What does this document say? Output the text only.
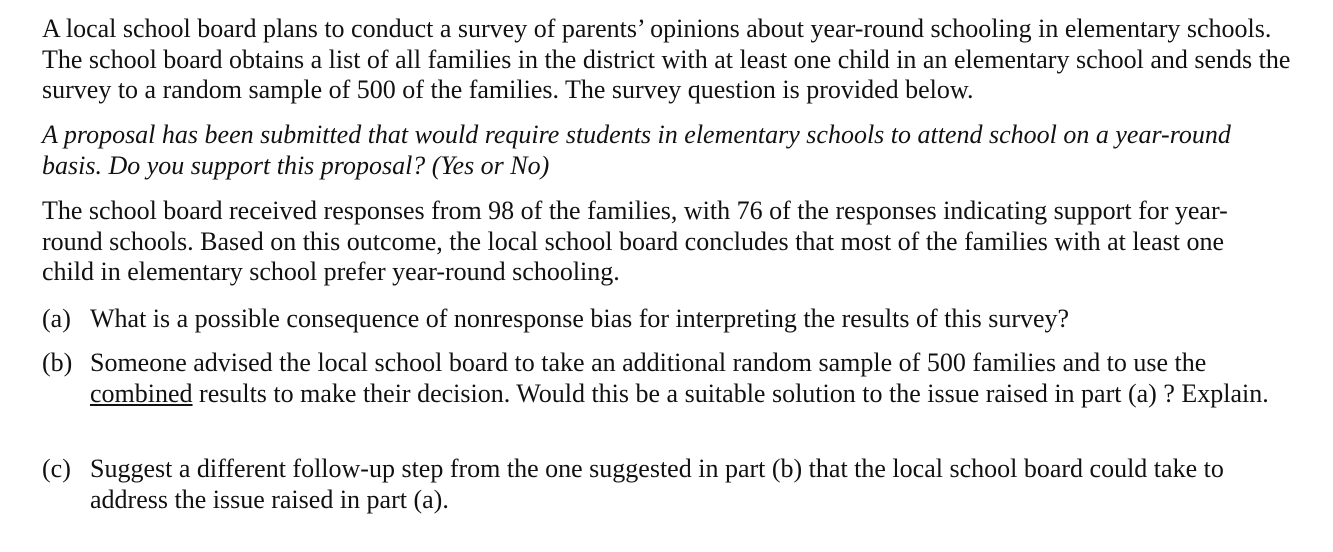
A local school board plans to conduct a survey of parents’ opinions about year-round schooling in elementary schools. The school board obtains a list of all families in the district with at least one child in an elementary school and sends the survey to a random sample of 500 of the families. The survey question is provided below.

A proposal has been submitted that would require students in elementary schools to attend school on a year-round basis. Do you support this proposal? (Yes or No)

The school board received responses from 98 of the families, with 76 of the responses indicating support for year-round schools. Based on this outcome, the local school board concludes that most of the families with at least one child in elementary school prefer year-round schooling.

(a) What is a possible consequence of nonresponse bias for interpreting the results of this survey?
(b) Someone advised the local school board to take an additional random sample of 500 families and to use the combined results to make their decision. Would this be a suitable solution to the issue raised in part (a) ? Explain.
(c) Suggest a different follow-up step from the one suggested in part (b) that the local school board could take to address the issue raised in part (a).
